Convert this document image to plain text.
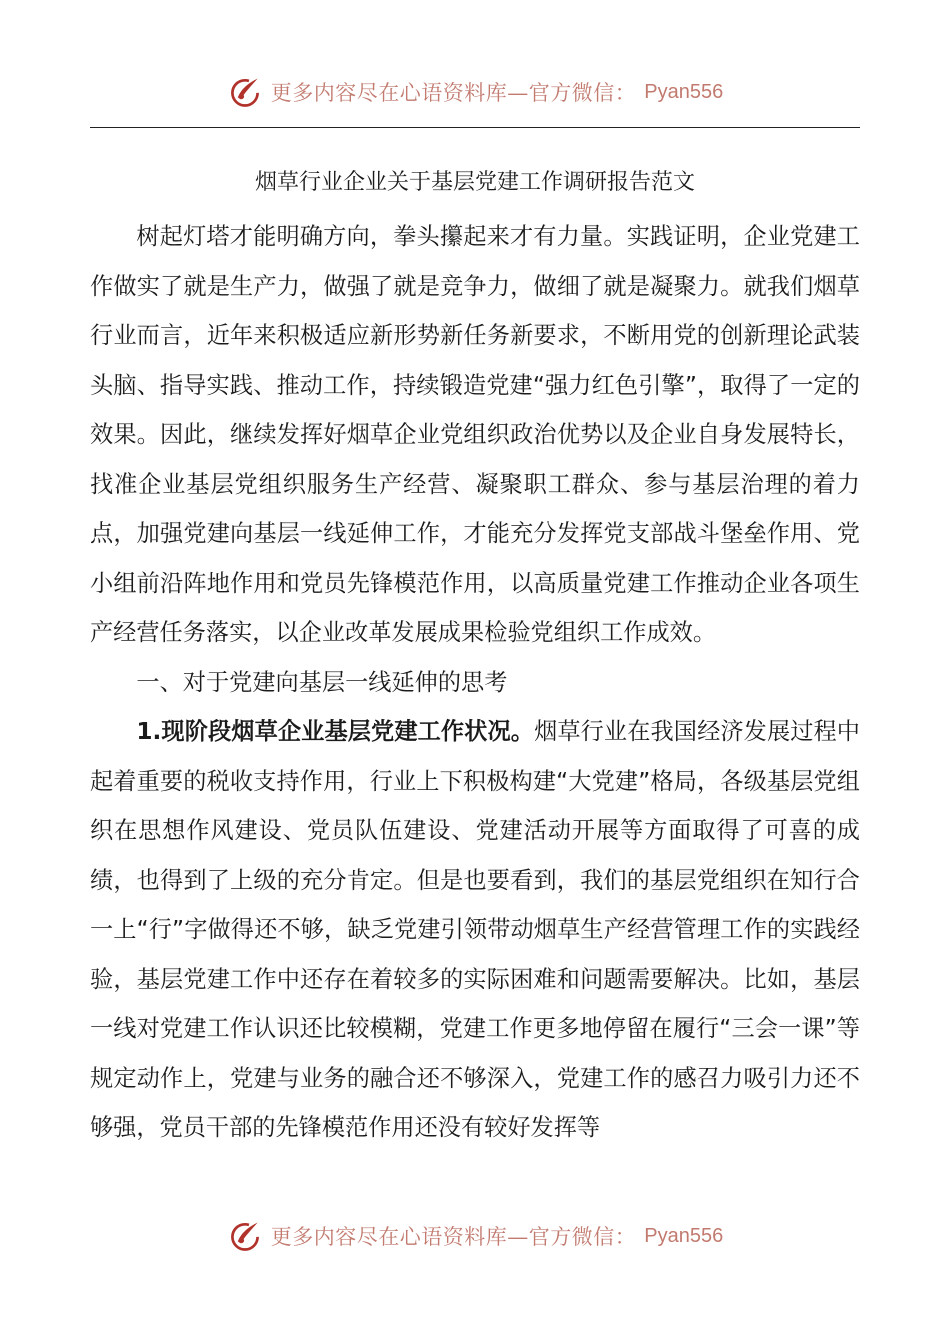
更多内容尽在心语资料库—官方微信： Pyan556
烟草行业企业关于基层党建工作调研报告范文

树起灯塔才能明确方向，拳头攥起来才有力量。实践证明，企业党建工作做实了就是生产力，做强了就是竞争力，做细了就是凝聚力。就我们烟草行业而言，近年来积极适应新形势新任务新要求，不断用党的创新理论武装头脑、指导实践、推动工作，持续锻造党建“强力红色引擎”，取得了一定的效果。因此，继续发挥好烟草企业党组织政治优势以及企业自身发展特长，找准企业基层党组织服务生产经营、凝聚职工群众、参与基层治理的着力点，加强党建向基层一线延伸工作，才能充分发挥党支部战斗堡垒作用、党小组前沿阵地作用和党员先锋模范作用，以高质量党建工作推动企业各项生产经营任务落实，以企业改革发展成果检验党组织工作成效。

一、对于党建向基层一线延伸的思考

1.现阶段烟草企业基层党建工作状况。烟草行业在我国经济发展过程中起着重要的税收支持作用，行业上下积极构建“大党建”格局，各级基层党组织在思想作风建设、党员队伍建设、党建活动开展等方面取得了可喜的成绩，也得到了上级的充分肯定。但是也要看到，我们的基层党组织在知行合一上“行”字做得还不够，缺乏党建引领带动烟草生产经营管理工作的实践经验，基层党建工作中还存在着较多的实际困难和问题需要解决。比如，基层一线对党建工作认识还比较模糊，党建工作更多地停留在履行“三会一课”等规定动作上，党建与业务的融合还不够深入，党建工作的感召力吸引力还不够强，党员干部的先锋模范作用还没有较好发挥等

更多内容尽在心语资料库—官方微信： Pyan556
